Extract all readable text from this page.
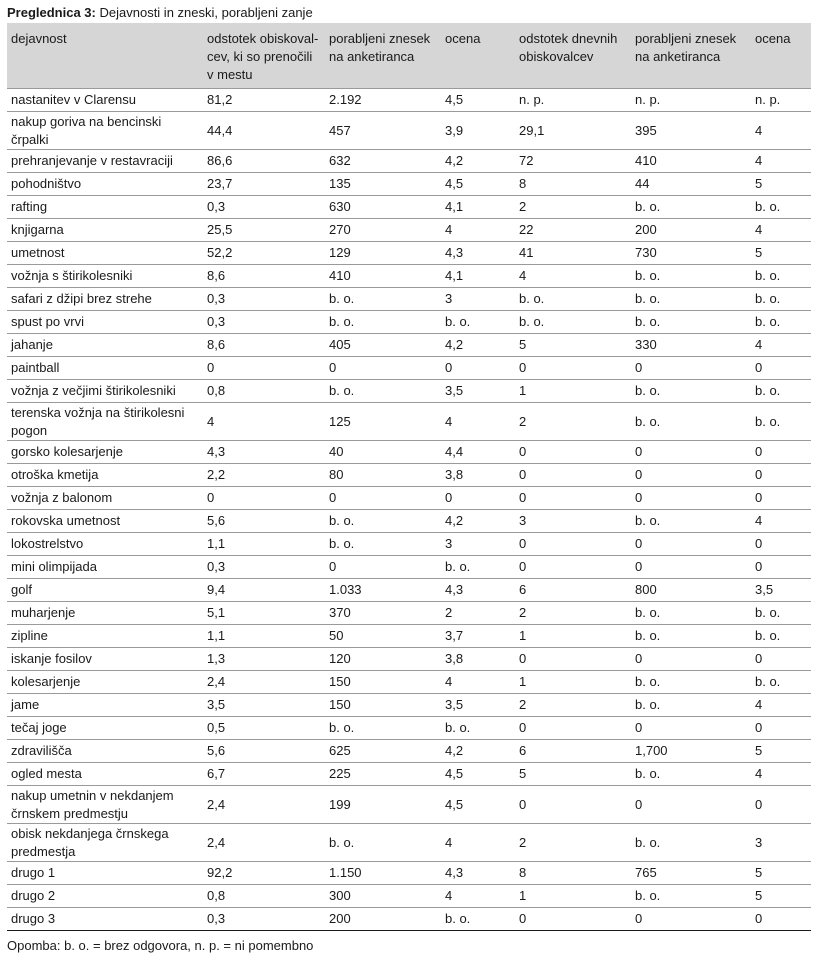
Preglednica 3: Dejavnosti in zneski, porabljeni zanje
dejavnost	odstotek obiskoval-cev, ki so prenočili v mestu	porabljeni znesek na anketiranca	ocena	odstotek dnevnih obiskovalcev	porabljeni znesek na anketiranca	ocena
nastanitev v Clarensu	81,2	2.192	4,5	n. p.	n. p.	n. p.
nakup goriva na bencinski črpalki	44,4	457	3,9	29,1	395	4
prehranjevanje v restavraciji	86,6	632	4,2	72	410	4
pohodništvo	23,7	135	4,5	8	44	5
rafting	0,3	630	4,1	2	b. o.	b. o.
knjigarna	25,5	270	4	22	200	4
umetnost	52,2	129	4,3	41	730	5
vožnja s štirikolesniki	8,6	410	4,1	4	b. o.	b. o.
safari z džipi brez strehe	0,3	b. o.	3	b. o.	b. o.	b. o.
spust po vrvi	0,3	b. o.	b. o.	b. o.	b. o.	b. o.
jahanje	8,6	405	4,2	5	330	4
paintball	0	0	0	0	0	0
vožnja z večjimi štirikolesniki	0,8	b. o.	3,5	1	b. o.	b. o.
terenska vožnja na štirikolesni pogon	4	125	4	2	b. o.	b. o.
gorsko kolesarjenje	4,3	40	4,4	0	0	0
otroška kmetija	2,2	80	3,8	0	0	0
vožnja z balonom	0	0	0	0	0	0
rokovska umetnost	5,6	b. o.	4,2	3	b. o.	4
lokostrelstvo	1,1	b. o.	3	0	0	0
mini olimpijada	0,3	0	b. o.	0	0	0
golf	9,4	1.033	4,3	6	800	3,5
muharjenje	5,1	370	2	2	b. o.	b. o.
zipline	1,1	50	3,7	1	b. o.	b. o.
iskanje fosilov	1,3	120	3,8	0	0	0
kolesarjenje	2,4	150	4	1	b. o.	b. o.
jame	3,5	150	3,5	2	b. o.	4
tečaj joge	0,5	b. o.	b. o.	0	0	0
zdravilišča	5,6	625	4,2	6	1,700	5
ogled mesta	6,7	225	4,5	5	b. o.	4
nakup umetnin v nekdanjem črnskem predmestju	2,4	199	4,5	0	0	0
obisk nekdanjega črnskega predmestja	2,4	b. o.	4	2	b. o.	3
drugo 1	92,2	1.150	4,3	8	765	5
drugo 2	0,8	300	4	1	b. o.	5
drugo 3	0,3	200	b. o.	0	0	0
Opomba: b. o. = brez odgovora, n. p. = ni pomembno
